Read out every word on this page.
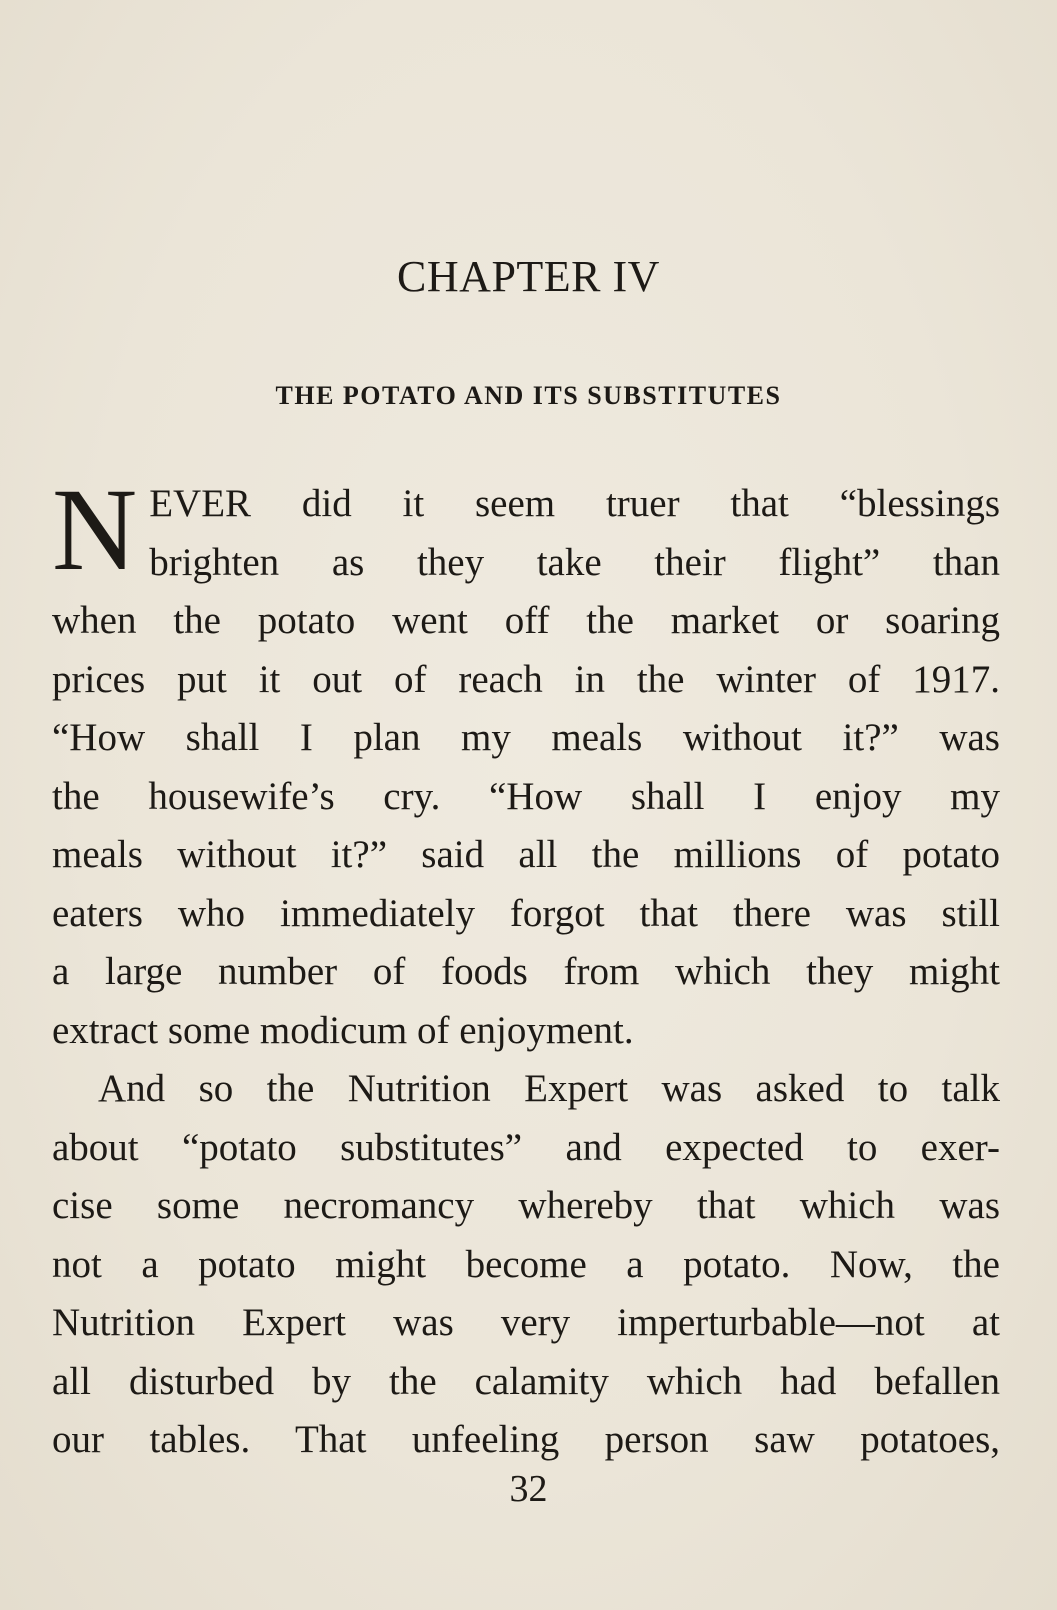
CHAPTER IV
THE POTATO AND ITS SUBSTITUTES
N EVER did it seem truer that “blessings
brighten as they take their flight” than
when the potato went off the market or soaring
prices put it out of reach in the winter of 1917.
“How shall I plan my meals without it?” was
the housewife’s cry. “How shall I enjoy my
meals without it?” said all the millions of potato
eaters who immediately forgot that there was still
a large number of foods from which they might
extract some modicum of enjoyment.
And so the Nutrition Expert was asked to talk
about “potato substitutes” and expected to exer-
cise some necromancy whereby that which was
not a potato might become a potato. Now, the
Nutrition Expert was very imperturbable—not at
all disturbed by the calamity which had befallen
our tables. That unfeeling person saw potatoes,
32
